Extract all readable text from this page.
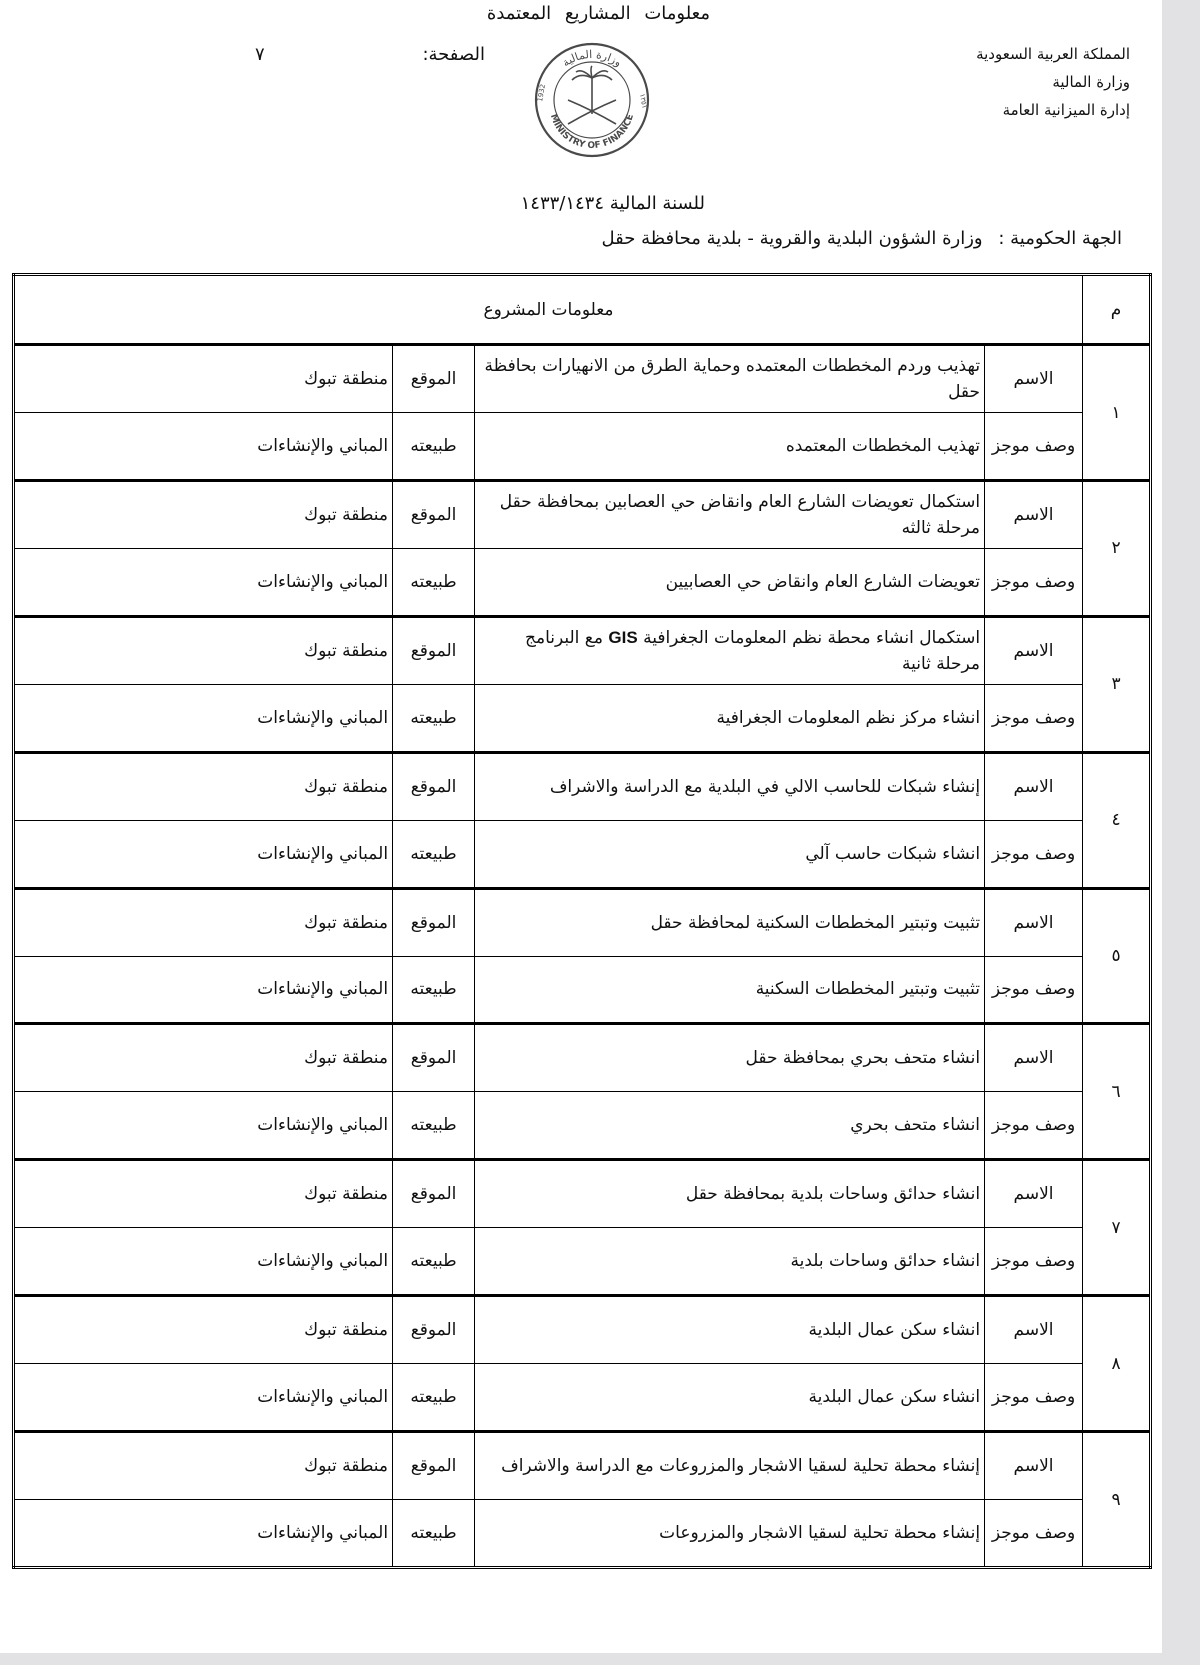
المملكة العربية السعودية
وزارة المالية
إدارة الميزانية العامة
الصفحة:
٧	وزارة المالية
MINISTRY OF FINANCE
1932	١٣٥١
معلومات المشاريع المعتمدة
للسنة المالية ١٤٣٣/١٤٣٤
الجهة الحكومية : وزارة الشؤون البلدية والقروية - بلدية محافظة حقل
م	معلومات المشروع			
١	الاسم	تهذيب وردم المخططات المعتمده وحماية الطرق من الانهيارات بحافظة حقل	الموقع	منطقة تبوك
	وصف موجز	تهذيب المخططات المعتمده	طبيعته	المباني والإنشاءات
٢	الاسم	استكمال تعويضات الشارع العام وانقاض حي العصابين بمحافظة حقل مرحلة ثالثه	الموقع	منطقة تبوك
	وصف موجز	تعويضات الشارع العام وانقاض حي العصابيين	طبيعته	المباني والإنشاءات
٣	الاسم	استكمال انشاء محطة نظم المعلومات الجغرافية GIS مع البرنامج مرحلة ثانية	الموقع	منطقة تبوك
	وصف موجز	انشاء مركز نظم المعلومات الجغرافية	طبيعته	المباني والإنشاءات
٤	الاسم	إنشاء شبكات للحاسب الالي في البلدية مع الدراسة والاشراف	الموقع	منطقة تبوك
	وصف موجز	انشاء شبكات حاسب آلي	طبيعته	المباني والإنشاءات
٥	الاسم	تثبيت وتبتير المخططات السكنية لمحافظة حقل	الموقع	منطقة تبوك
	وصف موجز	تثبيت وتبتير المخططات السكنية	طبيعته	المباني والإنشاءات
٦	الاسم	انشاء متحف بحري بمحافظة حقل	الموقع	منطقة تبوك
	وصف موجز	انشاء متحف بحري	طبيعته	المباني والإنشاءات
٧	الاسم	انشاء حدائق وساحات بلدية بمحافظة حقل	الموقع	منطقة تبوك
	وصف موجز	انشاء حدائق وساحات بلدية	طبيعته	المباني والإنشاءات
٨	الاسم	انشاء سكن عمال البلدية	الموقع	منطقة تبوك
	وصف موجز	انشاء سكن عمال البلدية	طبيعته	المباني والإنشاءات
٩	الاسم	إنشاء محطة تحلية لسقيا الاشجار والمزروعات مع الدراسة والاشراف	الموقع	منطقة تبوك
	وصف موجز	إنشاء محطة تحلية لسقيا الاشجار والمزروعات	طبيعته	المباني والإنشاءات
